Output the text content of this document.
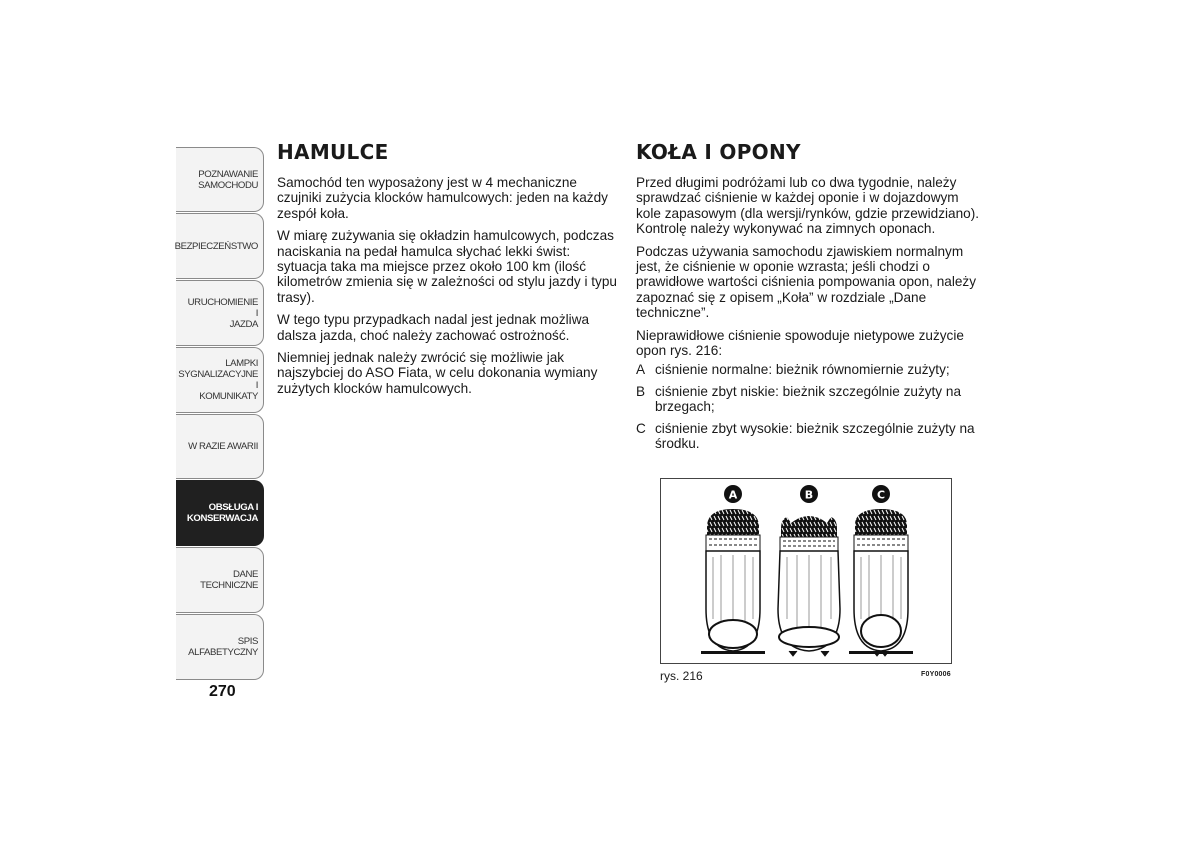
POZNAWANIE
SAMOCHODU
BEZPIECZEŃSTWO
URUCHOMIENIE I
JAZDA
LAMPKI
SYGNALIZACYJNE I
KOMUNIKATY
W RAZIE AWARII
OBSŁUGA I
KONSERWACJA
DANE TECHNICZNE
SPIS ALFABETYCZNY
270
HAMULCE

Samochód ten wyposażony jest w 4 mechaniczne czujniki zużycia klocków hamulcowych: jeden na każdy zespół koła.

W miarę zużywania się okładzin hamulcowych, podczas naciskania na pedał hamulca słychać lekki świst: sytuacja taka ma miejsce przez około 100 km (ilość kilometrów zmienia się w zależności od stylu jazdy i typu trasy).

W tego typu przypadkach nadal jest jednak możliwa dalsza jazda, choć należy zachować ostrożność.

Niemniej jednak należy zwrócić się możliwie jak najszybciej do ASO Fiata, w celu dokonania wymiany zużytych klocków hamulcowych.

KOŁA I OPONY

Przed długimi podróżami lub co dwa tygodnie, należy sprawdzać ciśnienie w każdej oponie i w dojazdowym kole zapasowym (dla wersji/rynków, gdzie przewidziano). Kontrolę należy wykonywać na zimnych oponach.

Podczas używania samochodu zjawiskiem normalnym jest, że ciśnienie w oponie wzrasta; jeśli chodzi o prawidłowe wartości ciśnienia pompowania opon, należy zapoznać się z opisem „Koła” w rozdziale „Dane techniczne”.

Nieprawidłowe ciśnienie spowoduje nietypowe zużycie opon rys. 216:

A ciśnienie normalne: bieżnik równomiernie zużyty;
B ciśnienie zbyt niskie: bieżnik szczególnie zużyty na brzegach;
C ciśnienie zbyt wysokie: bieżnik szczególnie zużyty na środku.
A	B	C
rys. 216	F0Y0006
